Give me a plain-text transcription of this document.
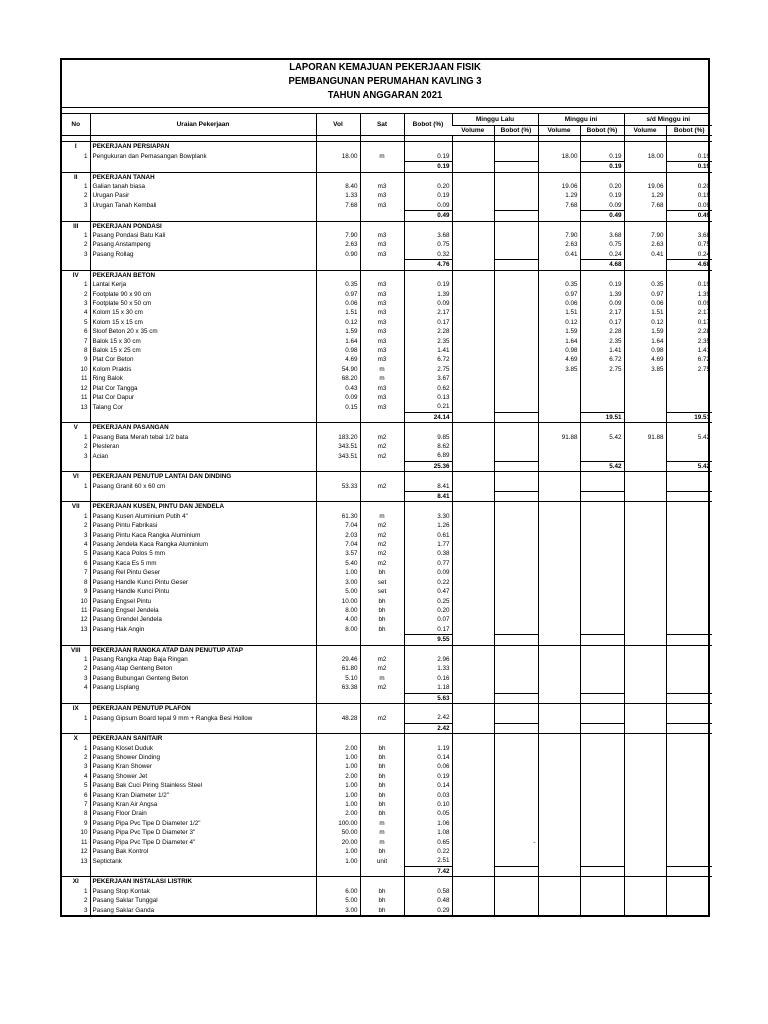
LAPORAN KEMAJUAN PEKERJAAN FISIK
PEMBANGUNAN PERUMAHAN KAVLING 3
TAHUN ANGGARAN 2021
No	Uraian Pekerjaan	Vol	Sat	Bobot (%)	Minggu Lalu		Minggu ini		s/d Minggu ini	
					Volume	Bobot (%)	Volume	Bobot (%)	Volume	Bobot (%)

I	PEKERJAAN PERSIAPAN									
1	Pengukuran dan Pemasangan Bowplank	18.00	m	0.19			18.00	0.19	18.00	0.19
				0.19				0.19		0.19
II	PEKERJAAN TANAH									
1	Galian tanah biasa	8.40	m3	0.20			19.06	0.20	19.06	0.20
2	Urugan Pasir	1.33	m3	0.19			1.29	0.19	1.29	0.19
3	Urugan Tanah Kembali	7.68	m3	0.09			7.68	0.09	7.68	0.09
				0.49				0.49		0.49
III	PEKERJAAN PONDASI									
1	Pasang Pondasi Batu Kali	7.90	m3	3.68			7.90	3.68	7.90	3.68
2	Pasang Anstampeng	2.63	m3	0.75			2.63	0.75	2.63	0.75
3	Pasang Rollag	0.90	m3	0.32			0.41	0.24	0.41	0.24
				4.76				4.68		4.68
IV	PEKERJAAN BETON									
1	Lantai Kerja	0.35	m3	0.19			0.35	0.19	0.35	0.19
2	Footplate 90 x 90 cm	0.97	m3	1.39			0.97	1.39	0.97	1.39
3	Footplate 50 x 50 cm	0.06	m3	0.09			0.06	0.09	0.06	0.09
4	Kolom 15 x 30 cm	1.51	m3	2.17			1.51	2.17	1.51	2.17
5	Kolom 15 x 15 cm	0.12	m3	0.17			0.12	0.17	0.12	0.17
6	Sloof Beton 20 x 35 cm	1.59	m3	2.28			1.59	2.28	1.59	2.28
7	Balok 15 x 30 cm	1.64	m3	2.35			1.64	2.35	1.64	2.35
8	Balok 15 x 25 cm	0.98	m3	1.41			0.98	1.41	0.98	1.41
9	Plat Cor Beton	4.69	m3	6.72			4.69	6.72	4.69	6.72
10	Kolom Praktis	54.90	m	2.75			3.85	2.75	3.85	2.75
11	Ring Balok	68.20	m	3.67						
12	Plat Cor Tangga	0.43	m3	0.62						
11	Plat Cor Dapur	0.09	m3	0.13						
13	Talang Cor	0.15	m3	0.21						
				24.14				19.51		19.51
V	PEKERJAAN PASANGAN									
1	Pasang Bata Merah tebal 1/2 bata	183.20	m2	9.85			91.88	5.42	91.88	5.42
2	Plesteran	343.51	m2	8.62						
3	Acian	343.51	m2	6.89						
				25.36				5.42		5.42
VI	PEKERJAAN PENUTUP LANTAI DAN DINDING									
1	Pasang Granit 60 x 60 cm	53.33	m2	8.41						
				8.41						
VII	PEKERJAAN KUSEN, PINTU DAN JENDELA									
1	Pasang Kusen Aluminium Putih 4"	61.30	m	3.30						
2	Pasang Pintu Fabrikasi	7.04	m2	1.26						
3	Pasang Pintu Kaca Rangka Aluminium	2.03	m2	0.61						
4	Pasang Jendela Kaca Rangka Aluminium	7.04	m2	1.77						
5	Pasang Kaca Polos 5 mm	3.57	m2	0.38						
6	Pasang Kaca Es 5 mm	5.40	m2	0.77						
7	Pasang Rel Pintu Geser	1.00	bh	0.09						
8	Pasang Handle Kunci Pintu Geser	3.00	set	0.22						
9	Pasang Handle Kunci Pintu	5.00	set	0.47						
10	Pasang Engsel Pintu	10.00	bh	0.25						
11	Pasang Engsel Jendela	8.00	bh	0.20						
12	Pasang Grendel Jendela	4.00	bh	0.07						
13	Pasang Hak Angin	8.00	bh	0.17						
				9.55						
VIII	PEKERJAAN RANGKA ATAP DAN PENUTUP ATAP									
1	Pasang Rangka Atap Baja Ringan	29.46	m2	2.96						
2	Pasang Atap Genteng Beton	61.80	m2	1.33						
3	Pasang Bubungan Genteng Beton	5.10	m	0.16						
4	Pasang Lisplang	63.38	m2	1.18						
				5.63						
IX	PEKERJAAN PENUTUP PLAFON									
1	Pasang Gipsum Board tepal 9 mm + Rangka Besi Hollow	48.28	m2	2.42						
				2.42						
X	PEKERJAAN SANITAIR									
1	Pasang Kloset Duduk	2.00	bh	1.19						
2	Pasang Shower Dinding	1.00	bh	0.14						
3	Pasang Kran Shower	1.00	bh	0.06						
4	Pasang Shower Jet	2.00	bh	0.19						
5	Pasang Bak Cuci Piring Stainless Steel	1.00	bh	0.14						
6	Pasang Kran Diameter 1/2"	1.00	bh	0.03						
7	Pasang Kran Air Angsa	1.00	bh	0.10						
8	Pasang Floor Drain	2.00	bh	0.05						
9	Pasang Pipa Pvc Tipe D Diameter 1/2"	100.00	m	1.06						
10	Pasang Pipa Pvc Tipe D Diameter 3"	50.00	m	1.08						
11	Pasang Pipa Pvc Tipe D Diameter 4"	20.00	m	0.65		-				
12	Pasang Bak Kontrol	1.00	bh	0.22						
13	Septictank	1.00	unit	2.51						
				7.42						
XI	PEKERJAAN INSTALASI LISTRIK									
1	Pasang Stop Kontak	6.00	bh	0.58						
2	Pasang Saklar Tunggal	5.00	bh	0.48						
3	Pasang Saklar Ganda	3.00	bh	0.29						
